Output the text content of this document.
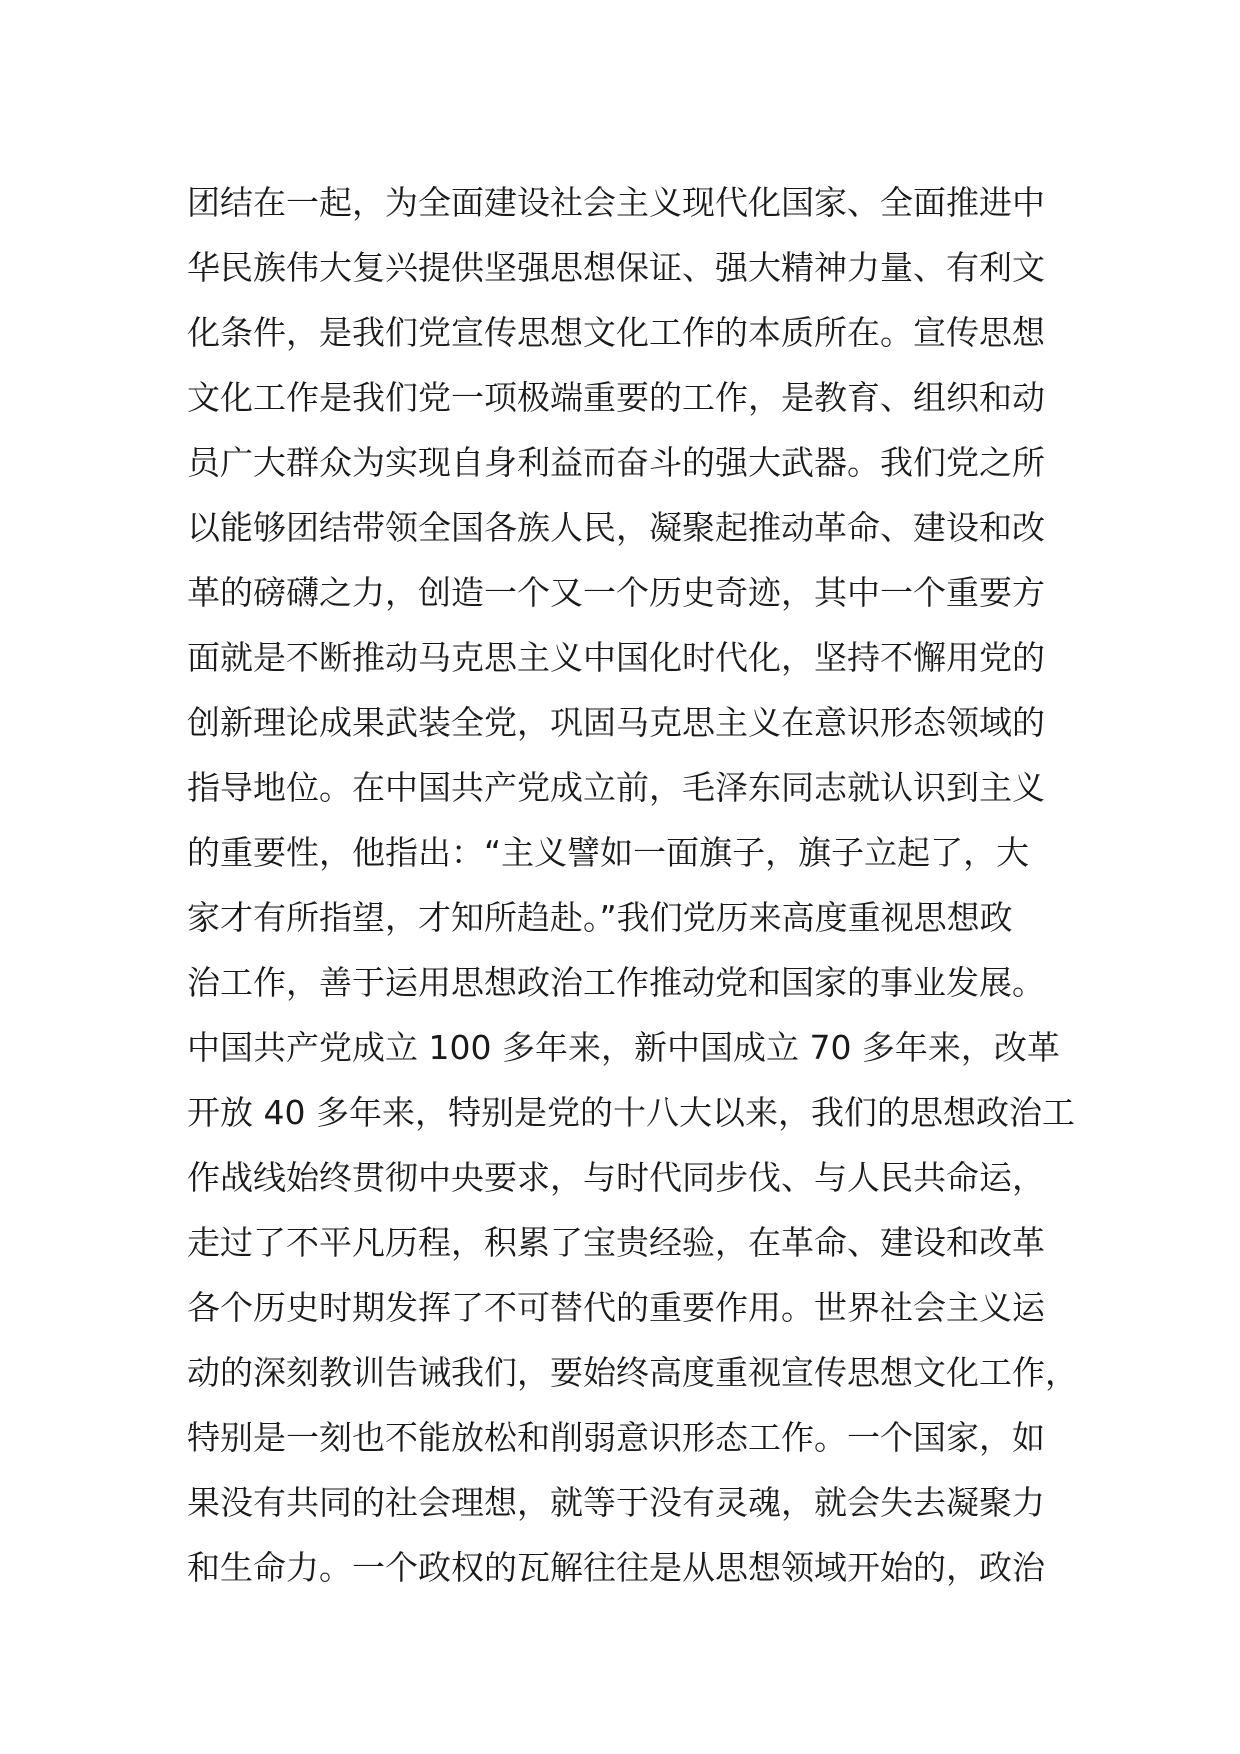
团结在一起，为全面建设社会主义现代化国家、全面推进中
华民族伟大复兴提供坚强思想保证、强大精神力量、有利文
化条件，是我们党宣传思想文化工作的本质所在。宣传思想
文化工作是我们党一项极端重要的工作，是教育、组织和动
员广大群众为实现自身利益而奋斗的强大武器。我们党之所
以能够团结带领全国各族人民，凝聚起推动革命、建设和改
革的磅礴之力，创造一个又一个历史奇迹，其中一个重要方
面就是不断推动马克思主义中国化时代化，坚持不懈用党的
创新理论成果武装全党，巩固马克思主义在意识形态领域的
指导地位。在中国共产党成立前，毛泽东同志就认识到主义
的重要性，他指出：“主义譬如一面旗子，旗子立起了，大
家才有所指望，才知所趋赴。”我们党历来高度重视思想政
治工作，善于运用思想政治工作推动党和国家的事业发展。
中国共产党成立 100 多年来，新中国成立 70 多年来，改革
开放 40 多年来，特别是党的十八大以来，我们的思想政治工
作战线始终贯彻中央要求，与时代同步伐、与人民共命运，
走过了不平凡历程，积累了宝贵经验，在革命、建设和改革
各个历史时期发挥了不可替代的重要作用。世界社会主义运
动的深刻教训告诫我们，要始终高度重视宣传思想文化工作，
特别是一刻也不能放松和削弱意识形态工作。一个国家，如
果没有共同的社会理想，就等于没有灵魂，就会失去凝聚力
和生命力。一个政权的瓦解往往是从思想领域开始的，政治
